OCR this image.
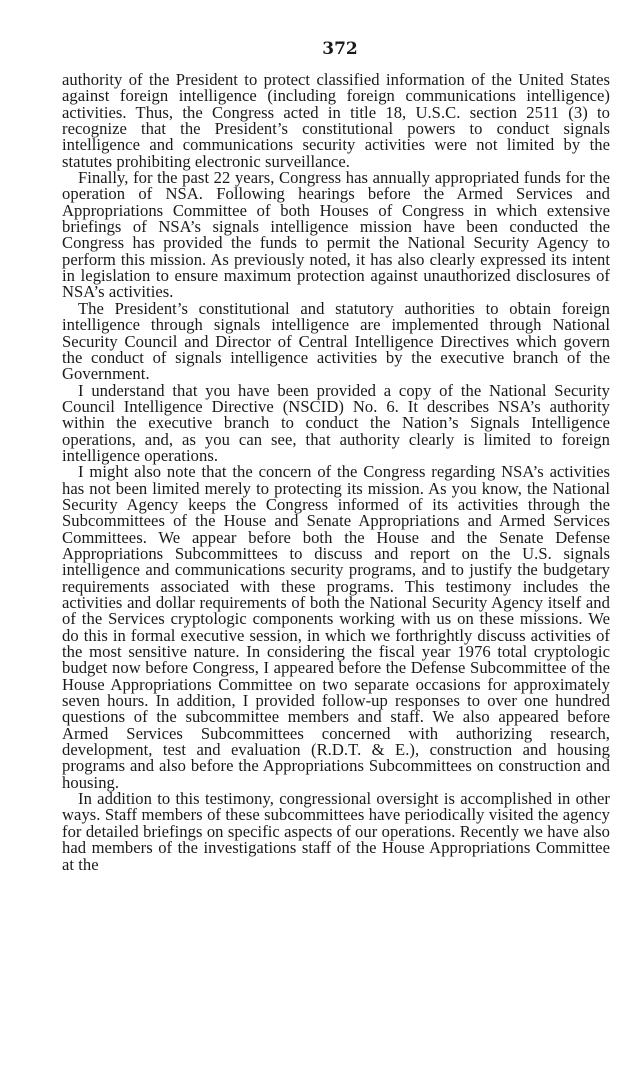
372

authority of the President to protect classified information of the United States against foreign intelligence (including foreign communications intelligence) activities. Thus, the Congress acted in title 18, U.S.C. section 2511 (3) to recognize that the President’s constitutional powers to conduct signals intelligence and communications security activities were not limited by the statutes prohibiting electronic surveillance.

Finally, for the past 22 years, Congress has annually appropriated funds for the operation of NSA. Following hearings before the Armed Services and Appropriations Committee of both Houses of Congress in which extensive briefings of NSA’s signals intelligence mission have been conducted the Congress has provided the funds to permit the National Security Agency to perform this mission. As previously noted, it has also clearly expressed its intent in legislation to ensure maximum protection against unauthorized disclosures of NSA’s activities.

The President’s constitutional and statutory authorities to obtain foreign intelligence through signals intelligence are implemented through National Security Council and Director of Central Intelligence Directives which govern the conduct of signals intelligence activities by the executive branch of the Government.

I understand that you have been provided a copy of the National Security Council Intelligence Directive (NSCID) No. 6. It describes NSA’s authority within the executive branch to conduct the Nation’s Signals Intelligence operations, and, as you can see, that authority clearly is limited to foreign intelligence operations.

I might also note that the concern of the Congress regarding NSA’s activities has not been limited merely to protecting its mission. As you know, the National Security Agency keeps the Congress informed of its activities through the Subcommittees of the House and Senate Appropriations and Armed Services Committees. We appear before both the House and the Senate Defense Appropriations Subcommittees to discuss and report on the U.S. signals intelligence and communications security programs, and to justify the budgetary requirements associated with these programs. This testimony includes the activities and dollar requirements of both the National Security Agency itself and of the Services cryptologic components working with us on these missions. We do this in formal executive session, in which we forthrightly discuss activities of the most sensitive nature. In considering the fiscal year 1976 total cryptologic budget now before Congress, I appeared before the Defense Subcommittee of the House Appropriations Committee on two separate occasions for approximately seven hours. In addition, I provided follow-up responses to over one hundred questions of the subcommittee members and staff. We also appeared before Armed Services Subcommittees concerned with authorizing research, development, test and evaluation (R.D.T. & E.), construction and housing programs and also before the Appropriations Subcommittees on construction and housing.

In addition to this testimony, congressional oversight is accomplished in other ways. Staff members of these subcommittees have periodically visited the agency for detailed briefings on specific aspects of our operations. Recently we have also had members of the investigations staff of the House Appropriations Committee at the
